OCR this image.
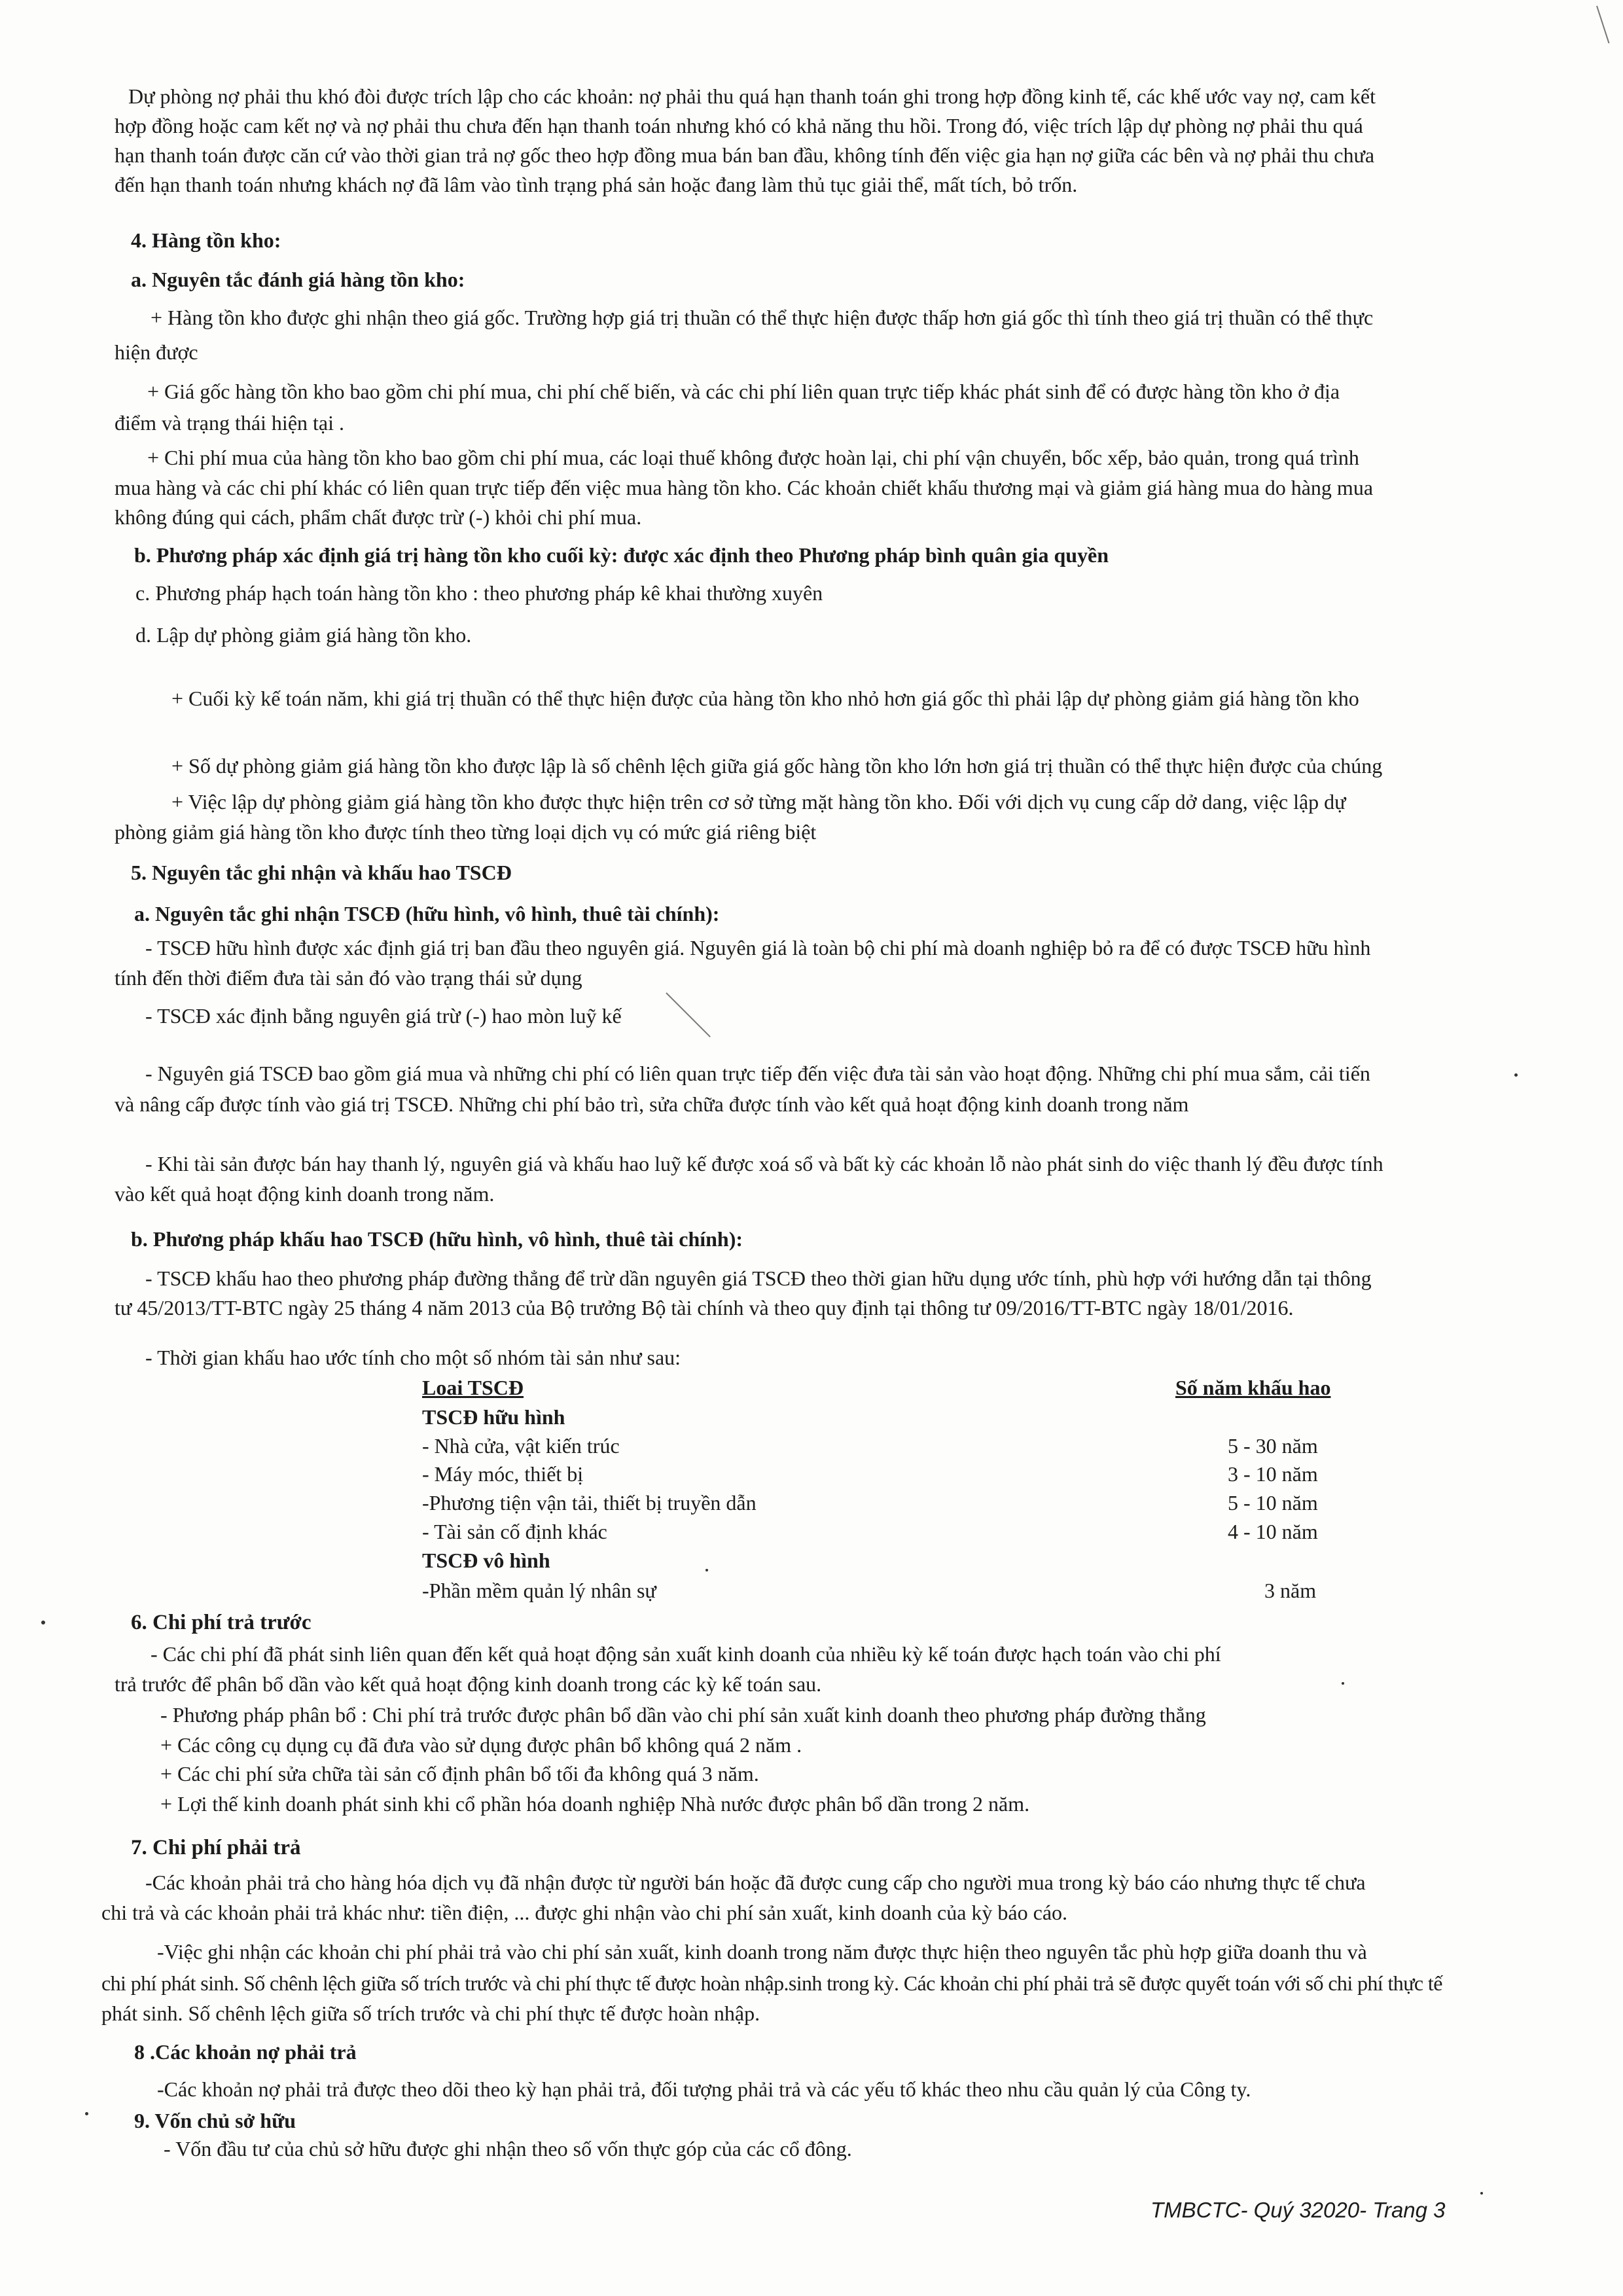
Dự phòng nợ phải thu khó đòi được trích lập cho các khoản: nợ phải thu quá hạn thanh toán ghi trong hợp đồng kinh tế, các khế ước vay nợ, cam kết
hợp đồng hoặc cam kết nợ và nợ phải thu chưa đến hạn thanh toán nhưng khó có khả năng thu hồi. Trong đó, việc trích lập dự phòng nợ phải thu quá
hạn thanh toán được căn cứ vào thời gian trả nợ gốc theo hợp đồng mua bán ban đầu, không tính đến việc gia hạn nợ giữa các bên và nợ phải thu chưa
đến hạn thanh toán nhưng khách nợ đã lâm vào tình trạng phá sản hoặc đang làm thủ tục giải thể, mất tích, bỏ trốn.
4. Hàng tồn kho:
a. Nguyên tắc đánh giá hàng tồn kho:
+ Hàng tồn kho được ghi nhận theo giá gốc. Trường hợp giá trị thuần có thể thực hiện được thấp hơn giá gốc thì tính theo giá trị thuần có thể thực
hiện được
+ Giá gốc hàng tồn kho bao gồm chi phí mua, chi phí chế biến, và các chi phí liên quan trực tiếp khác phát sinh để có được hàng tồn kho ở địa
điểm và trạng thái hiện tại .
+ Chi phí mua của hàng tồn kho bao gồm chi phí mua, các loại thuế không được hoàn lại, chi phí vận chuyển, bốc xếp, bảo quản, trong quá trình
mua hàng và các chi phí khác có liên quan trực tiếp đến việc mua hàng tồn kho. Các khoản chiết khấu thương mại và giảm giá hàng mua do hàng mua
không đúng qui cách, phẩm chất được trừ (-) khỏi chi phí mua.
b. Phương pháp xác định giá trị hàng tồn kho cuối kỳ: được xác định theo Phương pháp bình quân gia quyền
c. Phương pháp hạch toán hàng tồn kho : theo phương pháp kê khai thường xuyên
d. Lập dự phòng giảm giá hàng tồn kho.
+ Cuối kỳ kế toán năm, khi giá trị thuần có thể thực hiện được của hàng tồn kho nhỏ hơn giá gốc thì phải lập dự phòng giảm giá hàng tồn kho
+ Số dự phòng giảm giá hàng tồn kho được lập là số chênh lệch giữa giá gốc hàng tồn kho lớn hơn giá trị thuần có thể thực hiện được của chúng
+ Việc lập dự phòng giảm giá hàng tồn kho được thực hiện trên cơ sở từng mặt hàng tồn kho. Đối với dịch vụ cung cấp dở dang, việc lập dự
phòng giảm giá hàng tồn kho được tính theo từng loại dịch vụ có mức giá riêng biệt
5. Nguyên tắc ghi nhận và khấu hao TSCĐ
a. Nguyên tắc ghi nhận TSCĐ (hữu hình, vô hình, thuê tài chính):
- TSCĐ hữu hình được xác định giá trị ban đầu theo nguyên giá. Nguyên giá là toàn bộ chi phí mà doanh nghiệp bỏ ra để có được TSCĐ hữu hình
tính đến thời điểm đưa tài sản đó vào trạng thái sử dụng
- TSCĐ xác định bằng nguyên giá trừ (-) hao mòn luỹ kế
- Nguyên giá TSCĐ bao gồm giá mua và những chi phí có liên quan trực tiếp đến việc đưa tài sản vào hoạt động. Những chi phí mua sắm, cải tiến
và nâng cấp được tính vào giá trị TSCĐ. Những chi phí bảo trì, sửa chữa được tính vào kết quả hoạt động kinh doanh trong năm
- Khi tài sản được bán hay thanh lý, nguyên giá và khấu hao luỹ kế được xoá sổ và bất kỳ các khoản lỗ nào phát sinh do việc thanh lý đều được tính
vào kết quả hoạt động kinh doanh trong năm.
b. Phương pháp khấu hao TSCĐ (hữu hình, vô hình, thuê tài chính):
- TSCĐ khấu hao theo phương pháp đường thẳng để trừ dần nguyên giá TSCĐ theo thời gian hữu dụng ước tính, phù hợp với hướng dẫn tại thông
tư 45/2013/TT-BTC ngày 25 tháng 4 năm 2013 của Bộ trưởng Bộ tài chính và theo quy định tại thông tư 09/2016/TT-BTC ngày 18/01/2016.
- Thời gian khấu hao ước tính cho một số nhóm tài sản như sau:
Loai TSCĐ	Số năm khấu hao
TSCĐ hữu hình
- Nhà cửa, vật kiến trúc	5 - 30 năm
- Máy móc, thiết bị	3 - 10 năm
-Phương tiện vận tải, thiết bị truyền dẫn	5 - 10 năm
- Tài sản cố định khác	4 - 10 năm
TSCĐ vô hình
-Phần mềm quản lý nhân sự	3 năm
6. Chi phí trả trước
- Các chi phí đã phát sinh liên quan đến kết quả hoạt động sản xuất kinh doanh của nhiều kỳ kế toán được hạch toán vào chi phí
trả trước để phân bổ dần vào kết quả hoạt động kinh doanh trong các kỳ kế toán sau.
- Phương pháp phân bổ : Chi phí trả trước được phân bổ dần vào chi phí sản xuất kinh doanh theo phương pháp đường thẳng
+ Các công cụ dụng cụ đã đưa vào sử dụng được phân bổ không quá 2 năm .
+ Các chi phí sửa chữa tài sản cố định phân bổ tối đa không quá 3 năm.
+ Lợi thế kinh doanh phát sinh khi cổ phần hóa doanh nghiệp Nhà nước được phân bổ dần trong 2 năm.
7. Chi phí phải trả
-Các khoản phải trả cho hàng hóa dịch vụ đã nhận được từ người bán hoặc đã được cung cấp cho người mua trong kỳ báo cáo nhưng thực tế chưa
chi trả và các khoản phải trả khác như: tiền điện, ... được ghi nhận vào chi phí sản xuất, kinh doanh của kỳ báo cáo.
-Việc ghi nhận các khoản chi phí phải trả vào chi phí sản xuất, kinh doanh trong năm được thực hiện theo nguyên tắc phù hợp giữa doanh thu và
chi phí phát sinh. Số chênh lệch giữa số trích trước và chi phí thực tế được hoàn nhập.sinh trong kỳ. Các khoản chi phí phải trả sẽ được quyết toán với số chi phí thực tế
phát sinh. Số chênh lệch giữa số trích trước và chi phí thực tế được hoàn nhập.
8 .Các khoản nợ phải trả
-Các khoản nợ phải trả được theo dõi theo kỳ hạn phải trả, đối tượng phải trả và các yếu tố khác theo nhu cầu quản lý của Công ty.
9. Vốn chủ sở hữu
- Vốn đầu tư của chủ sở hữu được ghi nhận theo số vốn thực góp của các cổ đông.
TMBCTC- Quý 32020- Trang 3
